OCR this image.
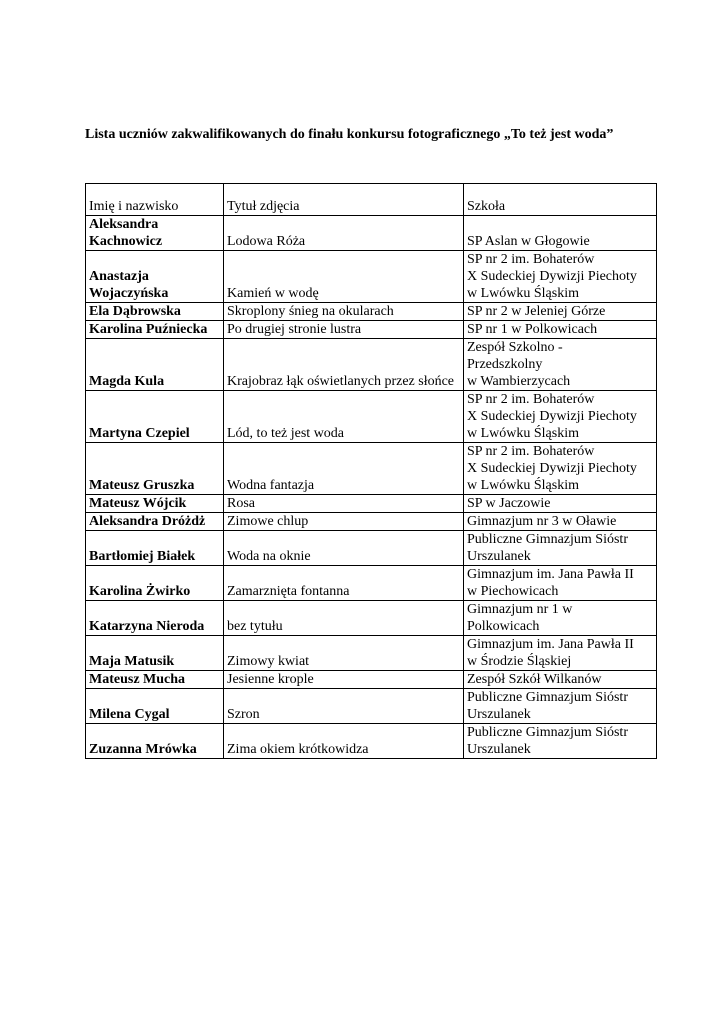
Lista uczniów zakwalifikowanych do finału konkursu fotograficznego „To też jest woda”

Imię i nazwisko	Tytuł zdjęcia	Szkoła
Aleksandra Kachnowicz	Lodowa Róża	SP Aslan w Głogowie
Anastazja Wojaczyńska	Kamień w wodę	SP nr 2 im. Bohaterów
X Sudeckiej Dywizji Piechoty
w Lwówku Śląskim
Ela Dąbrowska	Skroplony śnieg na okularach	SP nr 2 w Jeleniej Górze
Karolina Puźniecka	Po drugiej stronie lustra	SP nr 1 w Polkowicach
Magda Kula	Krajobraz łąk oświetlanych przez słońce	Zespół Szkolno -
Przedszkolny
w Wambierzycach
Martyna Czepiel	Lód, to też jest woda	SP nr 2 im. Bohaterów
X Sudeckiej Dywizji Piechoty
w Lwówku Śląskim
Mateusz Gruszka	Wodna fantazja	SP nr 2 im. Bohaterów
X Sudeckiej Dywizji Piechoty
w Lwówku Śląskim
Mateusz Wójcik	Rosa	SP w Jaczowie
Aleksandra Dróżdż	Zimowe chlup	Gimnazjum nr 3 w Oławie
Bartłomiej Białek	Woda na oknie	Publiczne Gimnazjum Sióstr
Urszulanek
Karolina Żwirko	Zamarznięta fontanna	Gimnazjum im. Jana Pawła II
w Piechowicach
Katarzyna Nieroda	bez tytułu	Gimnazjum nr 1 w
Polkowicach
Maja Matusik	Zimowy kwiat	Gimnazjum im. Jana Pawła II
w Środzie Śląskiej
Mateusz Mucha	Jesienne krople	Zespół Szkół Wilkanów
Milena Cygal	Szron	Publiczne Gimnazjum Sióstr
Urszulanek
Zuzanna Mrówka	Zima okiem krótkowidza	Publiczne Gimnazjum Sióstr
Urszulanek
